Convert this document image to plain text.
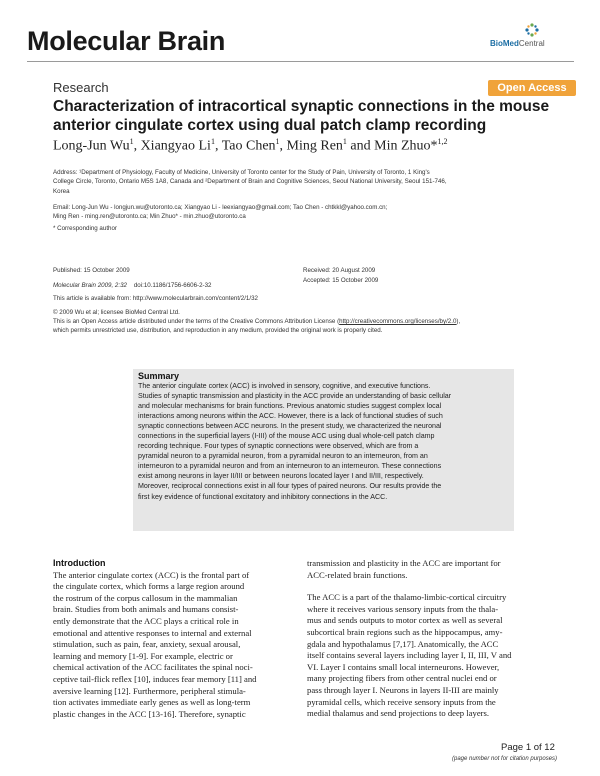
Molecular Brain	BioMedCentral
Research	Open Access
Characterization of intracortical synaptic connections in the mouse
anterior cingulate cortex using dual patch clamp recording
Long-Jun Wu$^1$, Xiangyao Li$^1$, Tao Chen$^1$, Ming Ren$^1$ and Min Zhuo*$^{1,2}$
Address: ¹Department of Physiology, Faculty of Medicine, University of Toronto center for the Study of Pain, University of Toronto, 1 King's
College Circle, Toronto, Ontario M5S 1A8, Canada and ²Department of Brain and Cognitive Sciences, Seoul National University, Seoul 151-746,
Korea
Email: Long-Jun Wu - longjun.wu@utoronto.ca; Xiangyao Li - leexiangyao@gmail.com; Tao Chen - chtkkl@yahoo.com.cn;
Ming Ren - ming.ren@utoronto.ca; Min Zhuo* - min.zhuo@utoronto.ca
* Corresponding author
Published: 15 October 2009
Molecular Brain 2009, 2:32 doi:10.1186/1756-6606-2-32
This article is available from: http://www.molecularbrain.com/content/2/1/32
Received: 20 August 2009
Accepted: 15 October 2009
© 2009 Wu et al; licensee BioMed Central Ltd.
This is an Open Access article distributed under the terms of the Creative Commons Attribution License (http://creativecommons.org/licenses/by/2.0),
which permits unrestricted use, distribution, and reproduction in any medium, provided the original work is properly cited.
Summary
The anterior cingulate cortex (ACC) is involved in sensory, cognitive, and executive functions.
Studies of synaptic transmission and plasticity in the ACC provide an understanding of basic cellular
and molecular mechanisms for brain functions. Previous anatomic studies suggest complex local
interactions among neurons within the ACC. However, there is a lack of functional studies of such
synaptic connections between ACC neurons. In the present study, we characterized the neuronal
connections in the superficial layers (I-III) of the mouse ACC using dual whole-cell patch clamp
recording technique. Four types of synaptic connections were observed, which are from a
pyramidal neuron to a pyramidal neuron, from a pyramidal neuron to an interneuron, from an
interneuron to a pyramidal neuron and from an interneuron to an interneuron. These connections
exist among neurons in layer II/III or between neurons located layer I and II/III, respectively.
Moreover, reciprocal connections exist in all four types of paired neurons. Our results provide the
first key evidence of functional excitatory and inhibitory connections in the ACC.
Introduction
The anterior cingulate cortex (ACC) is the frontal part of
the cingulate cortex, which forms a large region around
the rostrum of the corpus callosum in the mammalian
brain. Studies from both animals and humans consist-
ently demonstrate that the ACC plays a critical role in
emotional and attentive responses to internal and external
stimulation, such as pain, fear, anxiety, sexual arousal,
learning and memory [1-9]. For example, electric or
chemical activation of the ACC facilitates the spinal noci-
ceptive tail-flick reflex [10], induces fear memory [11] and
aversive learning [12]. Furthermore, peripheral stimula-
tion activates immediate early genes as well as long-term
plastic changes in the ACC [13-16]. Therefore, synaptic
transmission and plasticity in the ACC are important for
ACC-related brain functions.
The ACC is a part of the thalamo-limbic-cortical circuitry
where it receives various sensory inputs from the thala-
mus and sends outputs to motor cortex as well as several
subcortical brain regions such as the hippocampus, amy-
gdala and hypothalamus [7,17]. Anatomically, the ACC
itself contains several layers including layer I, II, III, V and
VI. Layer I contains small local interneurons. However,
many projecting fibers from other central nuclei end or
pass through layer I. Neurons in layers II-III are mainly
pyramidal cells, which receive sensory inputs from the
medial thalamus and send projections to deep layers.
Page 1 of 12
(page number not for citation purposes)
